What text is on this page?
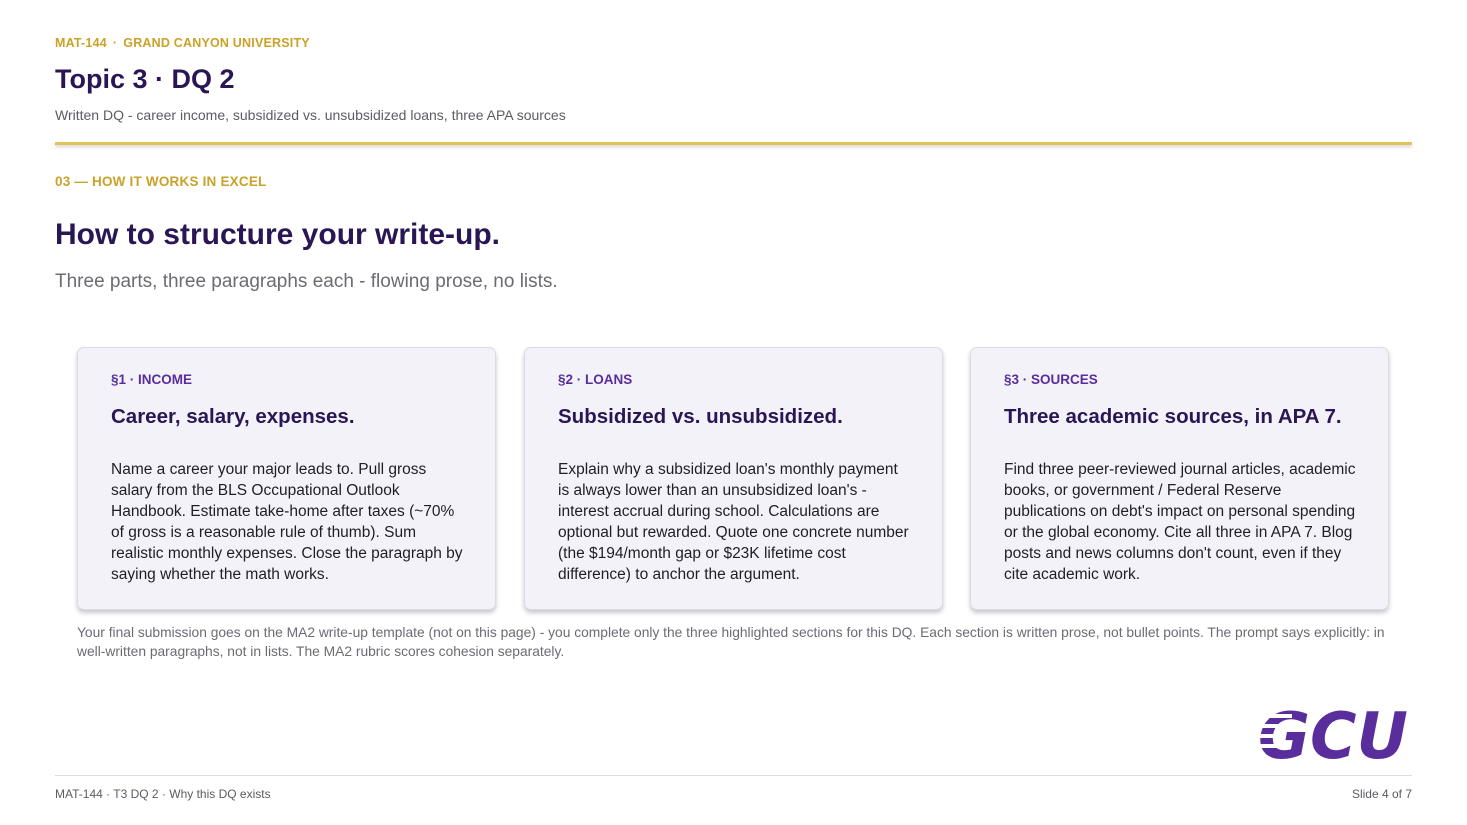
MAT-144 · GRAND CANYON UNIVERSITY
Topic 3 · DQ 2
Written DQ - career income, subsidized vs. unsubsidized loans, three APA sources
03 — HOW IT WORKS IN EXCEL
How to structure your write-up.
Three parts, three paragraphs each - flowing prose, no lists.
§1 · INCOME
Career, salary, expenses.
Name a career your major leads to. Pull gross salary from the BLS Occupational Outlook Handbook. Estimate take-home after taxes (~70% of gross is a reasonable rule of thumb). Sum realistic monthly expenses. Close the paragraph by saying whether the math works.
§2 · LOANS
Subsidized vs. unsubsidized.
Explain why a subsidized loan's monthly payment is always lower than an unsubsidized loan's - interest accrual during school. Calculations are optional but rewarded. Quote one concrete number (the $194/month gap or $23K lifetime cost difference) to anchor the argument.
§3 · SOURCES
Three academic sources, in APA 7.
Find three peer-reviewed journal articles, academic books, or government / Federal Reserve publications on debt's impact on personal spending or the global economy. Cite all three in APA 7. Blog posts and news columns don't count, even if they cite academic work.
Your final submission goes on the MA2 write-up template (not on this page) - you complete only the three highlighted sections for this DQ. Each section is written prose, not bullet points. The prompt says explicitly: in well-written paragraphs, not in lists. The MA2 rubric scores cohesion separately.
MAT-144 · T3 DQ 2 · Why this DQ exists	Slide 4 of 7
